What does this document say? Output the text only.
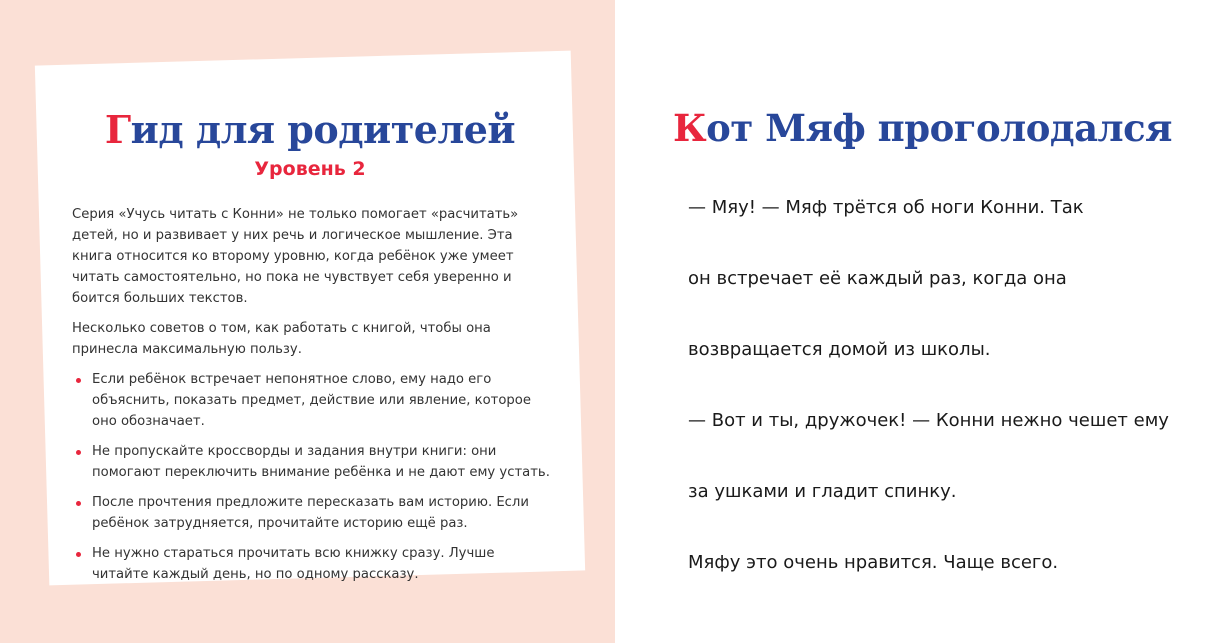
Гид для родителей
Уровень 2

Серия «Учусь читать с Конни» не только помогает «расчитать» детей, но и развивает у них речь и логическое мышление. Эта книга относится ко второму уровню, когда ребёнок уже умеет читать самостоятельно, но пока не чувствует себя уверенно и боится больших текстов.

Несколько советов о том, как работать с книгой, чтобы она принесла максимальную пользу.

Если ребёнок встречает непонятное слово, ему надо его объяснить, показать предмет, действие или явление, которое оно обозначает.
Не пропускайте кроссворды и задания внутри книги: они помогают переключить внимание ребёнка и не дают ему устать.
После прочтения предложите пересказать вам историю. Если ребёнок затрудняется, прочитайте историю ещё раз.
Не нужно стараться прочитать всю книжку сразу. Лучше читайте каждый день, но по одному рассказу.
Кот Мяф проголодался
— Мяу! — Мяф трётся об ноги Конни. Так
он встречает её каждый раз, когда она
возвращается домой из школы.
— Вот и ты, дружочек! — Конни нежно чешет ему
за ушками и гладит спинку.
Мяфу это очень нравится. Чаще всего.
